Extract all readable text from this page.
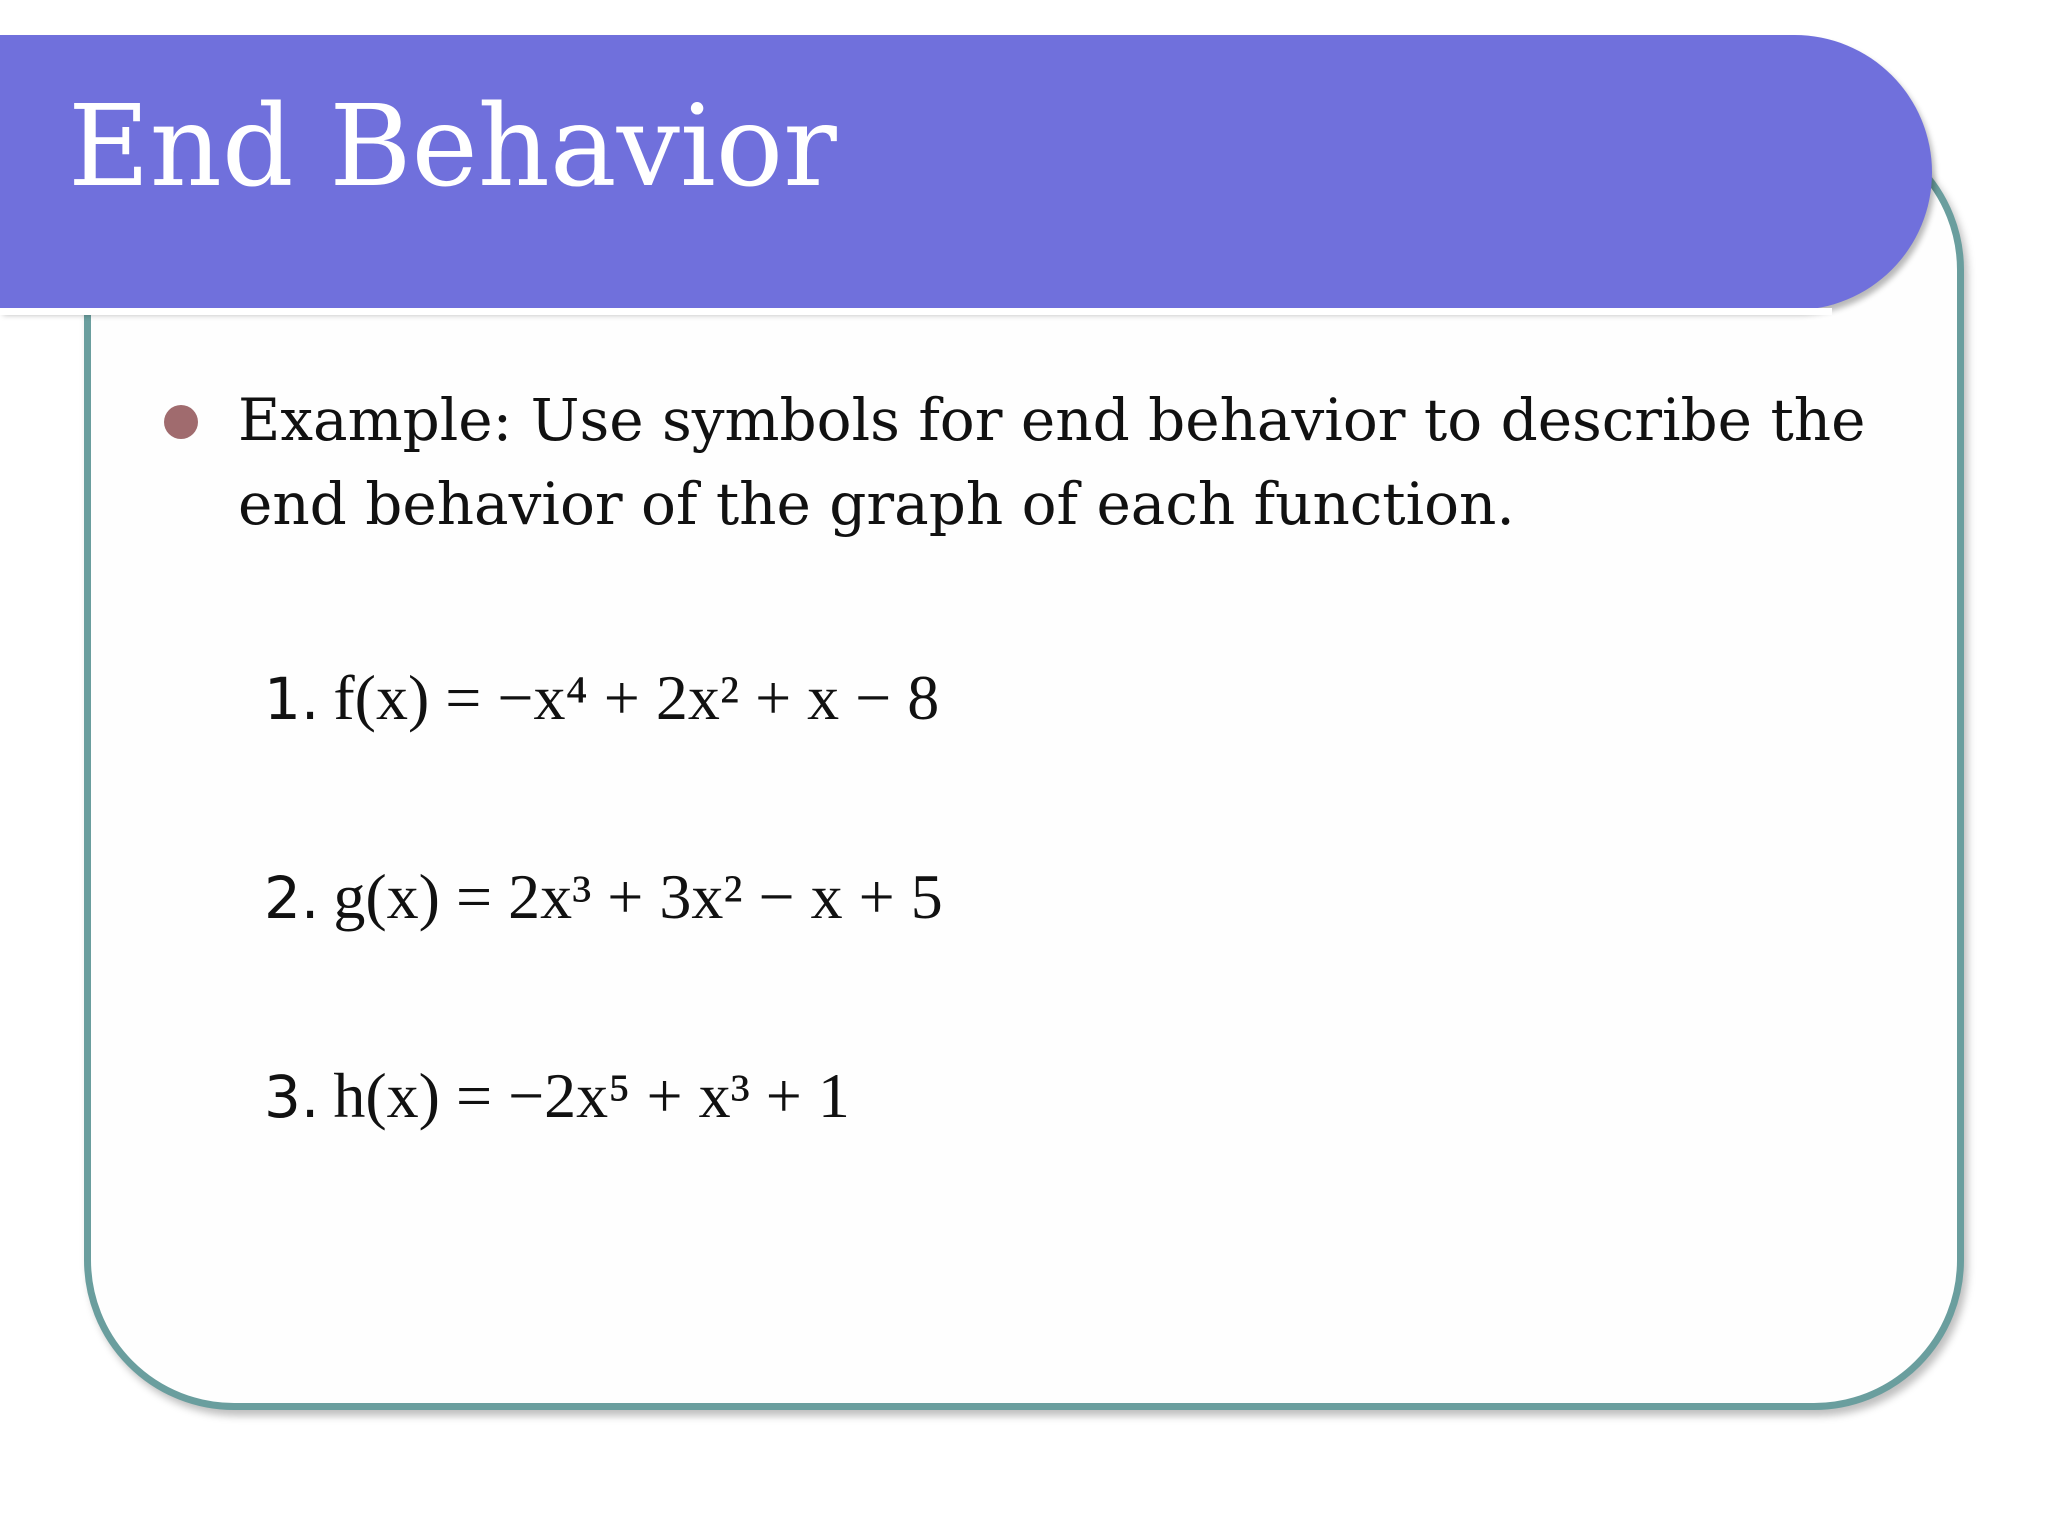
End Behavior

Example: Use symbols for end behavior to describe the end behavior of the graph of each function.

1. f(x) = −x⁴ + 2x² + x − 8
2. g(x) = 2x³ + 3x² − x + 5
3. h(x) = −2x⁵ + x³ + 1
